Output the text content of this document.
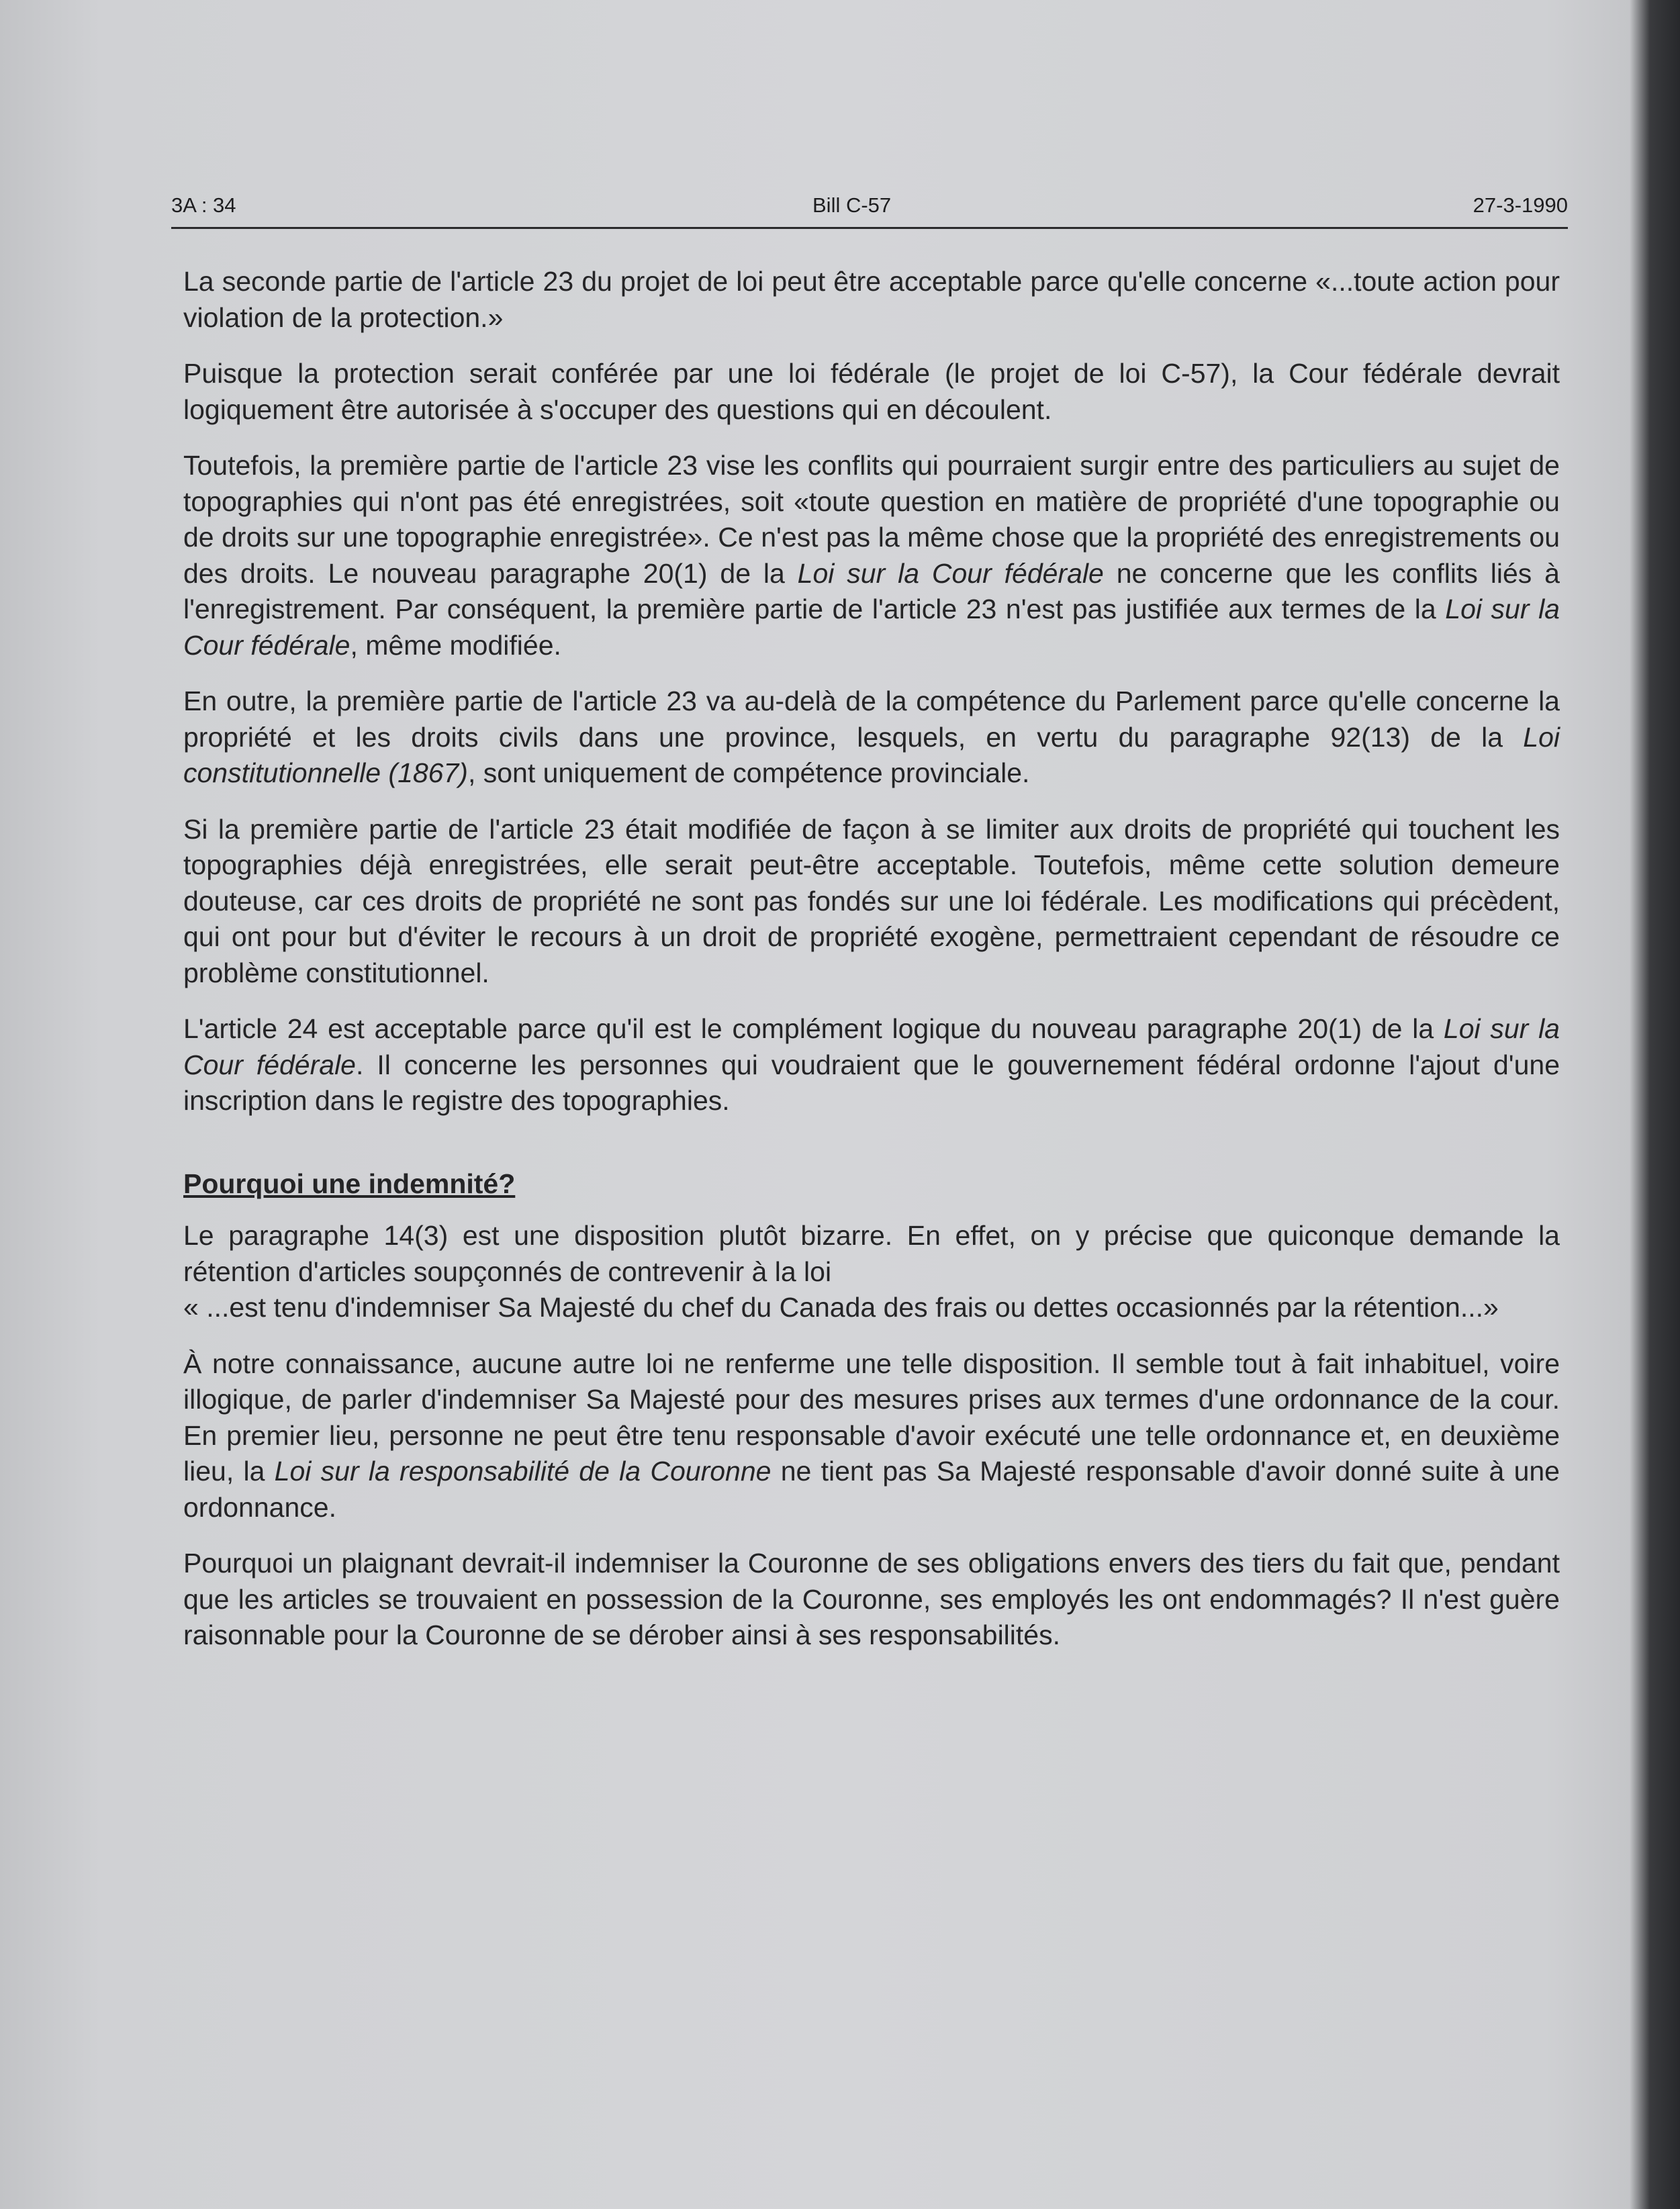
3A : 34	Bill C-57	27-3-1990

La seconde partie de l'article 23 du projet de loi peut être acceptable parce qu'elle concerne «...toute action pour violation de la protection.»

Puisque la protection serait conférée par une loi fédérale (le projet de loi C-57), la Cour fédérale devrait logiquement être autorisée à s'occuper des questions qui en découlent.

Toutefois, la première partie de l'article 23 vise les conflits qui pourraient surgir entre des particuliers au sujet de topographies qui n'ont pas été enregistrées, soit «toute question en matière de propriété d'une topographie ou de droits sur une topographie enregistrée». Ce n'est pas la même chose que la propriété des enregistrements ou des droits. Le nouveau paragraphe 20(1) de la Loi sur la Cour fédérale ne concerne que les conflits liés à l'enregistrement. Par conséquent, la première partie de l'article 23 n'est pas justifiée aux termes de la Loi sur la Cour fédérale, même modifiée.

En outre, la première partie de l'article 23 va au-delà de la compétence du Parlement parce qu'elle concerne la propriété et les droits civils dans une province, lesquels, en vertu du paragraphe 92(13) de la Loi constitutionnelle (1867), sont uniquement de compétence provinciale.

Si la première partie de l'article 23 était modifiée de façon à se limiter aux droits de propriété qui touchent les topographies déjà enregistrées, elle serait peut-être acceptable. Toutefois, même cette solution demeure douteuse, car ces droits de propriété ne sont pas fondés sur une loi fédérale. Les modifications qui précèdent, qui ont pour but d'éviter le recours à un droit de propriété exogène, permettraient cependant de résoudre ce problème constitutionnel.

L'article 24 est acceptable parce qu'il est le complément logique du nouveau paragraphe 20(1) de la Loi sur la Cour fédérale. Il concerne les personnes qui voudraient que le gouvernement fédéral ordonne l'ajout d'une inscription dans le registre des topographies.

Pourquoi une indemnité?

Le paragraphe 14(3) est une disposition plutôt bizarre. En effet, on y précise que quiconque demande la rétention d'articles soupçonnés de contrevenir à la loi

« ...est tenu d'indemniser Sa Majesté du chef du Canada des frais ou dettes occasionnés par la rétention...»

À notre connaissance, aucune autre loi ne renferme une telle disposition. Il semble tout à fait inhabituel, voire illogique, de parler d'indemniser Sa Majesté pour des mesures prises aux termes d'une ordonnance de la cour. En premier lieu, personne ne peut être tenu responsable d'avoir exécuté une telle ordonnance et, en deuxième lieu, la Loi sur la responsabilité de la Couronne ne tient pas Sa Majesté responsable d'avoir donné suite à une ordonnance.

Pourquoi un plaignant devrait-il indemniser la Couronne de ses obligations envers des tiers du fait que, pendant que les articles se trouvaient en possession de la Couronne, ses employés les ont endommagés? Il n'est guère raisonnable pour la Couronne de se dérober ainsi à ses responsabilités.
